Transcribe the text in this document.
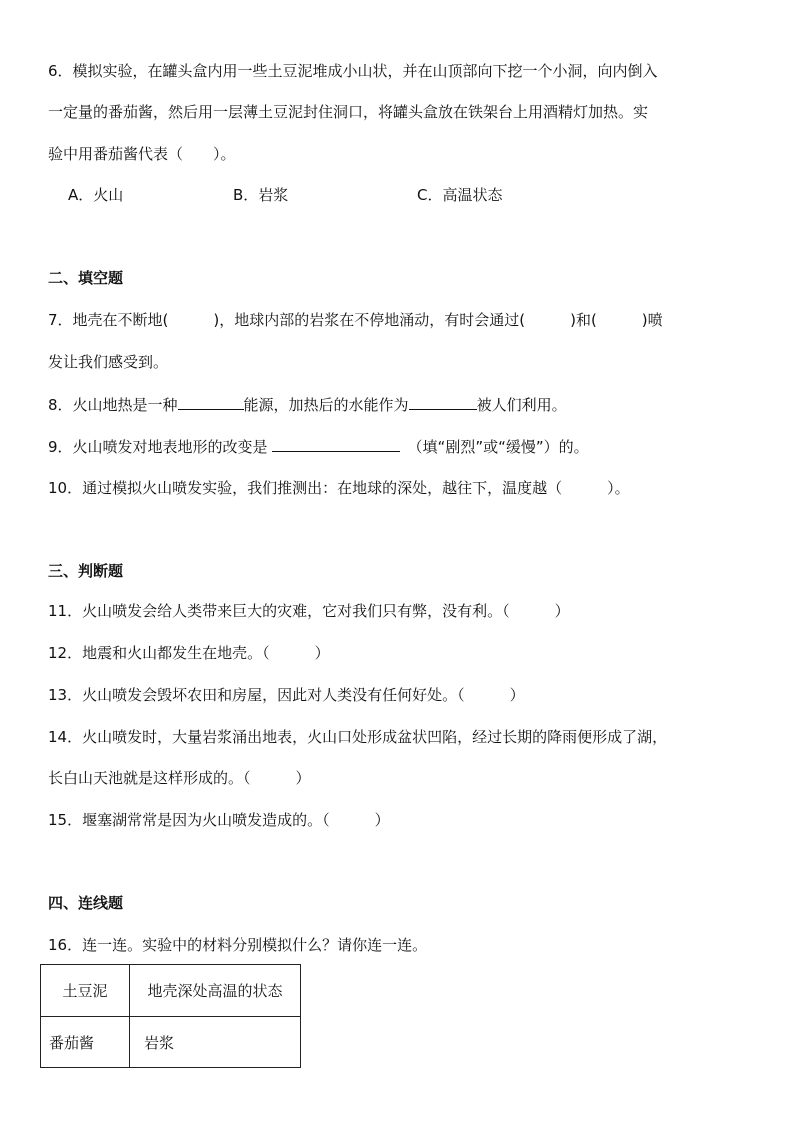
6．模拟实验，在罐头盒内用一些土豆泥堆成小山状，并在山顶部向下挖一个小洞，向内倒入
一定量的番茄酱，然后用一层薄土豆泥封住洞口，将罐头盒放在铁架台上用酒精灯加热。实
验中用番茄酱代表（　　）。
A．火山	B．岩浆	C．高温状态
二、填空题
7．地壳在不断地(　　　)，地球内部的岩浆在不停地涌动，有时会通过(　　　)和(　　　)喷
发让我们感受到。
8．火山地热是一种	能源，加热后的水能作为	被人们利用。
9．火山喷发对地表地形的改变是	（填“剧烈”或“缓慢”）的。
10．通过模拟火山喷发实验，我们推测出：在地球的深处，越往下，温度越（　　　）。
三、判断题
11．火山喷发会给人类带来巨大的灾难，它对我们只有弊，没有利。（　　　）
12．地震和火山都发生在地壳。（　　　）
13．火山喷发会毁坏农田和房屋，因此对人类没有任何好处。（　　　）
14．火山喷发时，大量岩浆涌出地表，火山口处形成盆状凹陷，经过长期的降雨便形成了湖，
长白山天池就是这样形成的。（　　　）
15．堰塞湖常常是因为火山喷发造成的。（　　　）
四、连线题
16．连一连。实验中的材料分别模拟什么？请你连一连。
土豆泥	地壳深处高温的状态
番茄酱	岩浆
